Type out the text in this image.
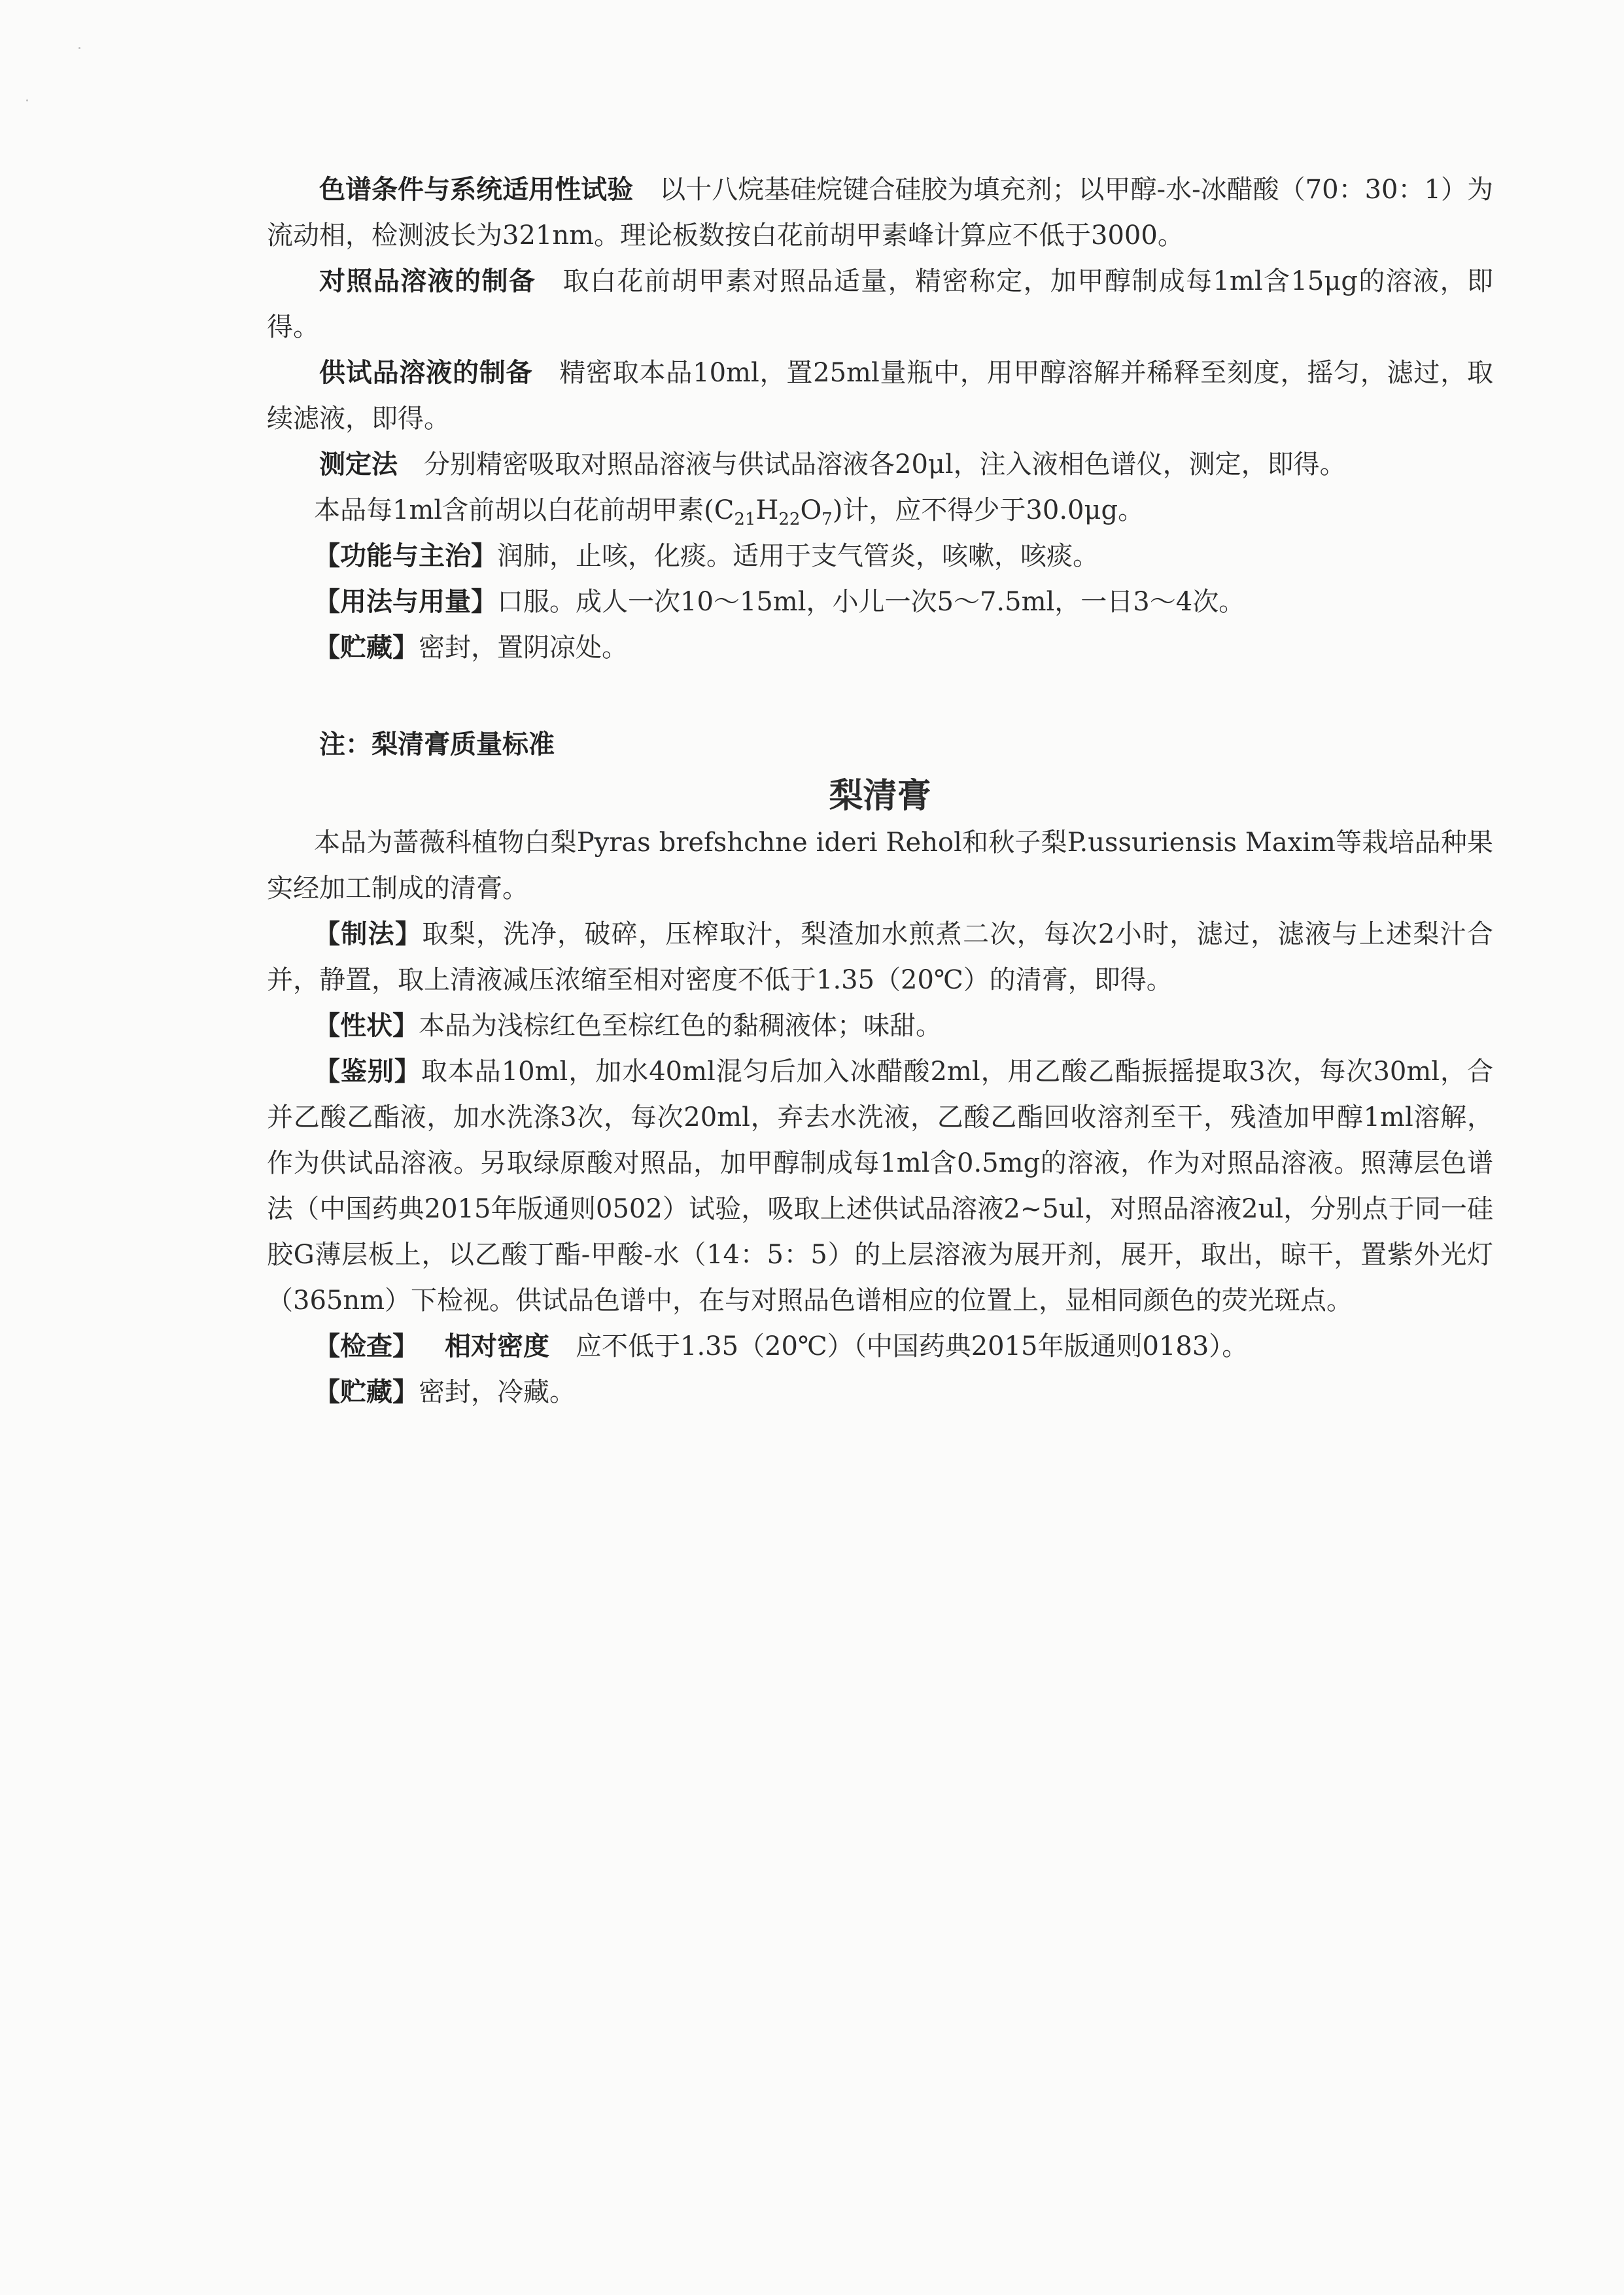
色谱条件与系统适用性试验 以十八烷基硅烷键合硅胶为填充剂；以甲醇-水-冰醋酸（70：30：1）为流动相，检测波长为321nm。理论板数按白花前胡甲素峰计算应不低于3000。

对照品溶液的制备 取白花前胡甲素对照品适量，精密称定，加甲醇制成每1ml含15μg的溶液，即得。

供试品溶液的制备 精密取本品10ml，置25ml量瓶中，用甲醇溶解并稀释至刻度，摇匀，滤过，取续滤液，即得。

测定法 分别精密吸取对照品溶液与供试品溶液各20μl，注入液相色谱仪，测定，即得。

本品每1ml含前胡以白花前胡甲素$(C_{21}H_{22}O_7)$计，应不得少于30.0μg。

【功能与主治】润肺，止咳，化痰。适用于支气管炎，咳嗽，咳痰。

【用法与用量】口服。成人一次10～15ml，小儿一次5～7.5ml，一日3～4次。

【贮藏】密封，置阴凉处。

注：梨清膏质量标准

梨清膏

本品为蔷薇科植物白梨Pyras brefshchne ideri Rehol和秋子梨P.ussuriensis Maxim等栽培品种果实经加工制成的清膏。

【制法】取梨，洗净，破碎，压榨取汁，梨渣加水煎煮二次，每次2小时，滤过，滤液与上述梨汁合并，静置，取上清液减压浓缩至相对密度不低于1.35（20℃）的清膏，即得。

【性状】本品为浅棕红色至棕红色的黏稠液体；味甜。

【鉴别】取本品10ml，加水40ml混匀后加入冰醋酸2ml，用乙酸乙酯振摇提取3次，每次30ml，合并乙酸乙酯液，加水洗涤3次，每次20ml，弃去水洗液，乙酸乙酯回收溶剂至干，残渣加甲醇1ml溶解，作为供试品溶液。另取绿原酸对照品，加甲醇制成每1ml含0.5mg的溶液，作为对照品溶液。照薄层色谱法（中国药典2015年版通则0502）试验，吸取上述供试品溶液2~5ul，对照品溶液2ul，分别点于同一硅胶G薄层板上，以乙酸丁酯-甲酸-水（14：5：5）的上层溶液为展开剂，展开，取出，晾干，置紫外光灯（365nm）下检视。供试品色谱中，在与对照品色谱相应的位置上，显相同颜色的荧光斑点。

【检查】 相对密度 应不低于1.35（20℃）（中国药典2015年版通则0183）。

【贮藏】密封，冷藏。
